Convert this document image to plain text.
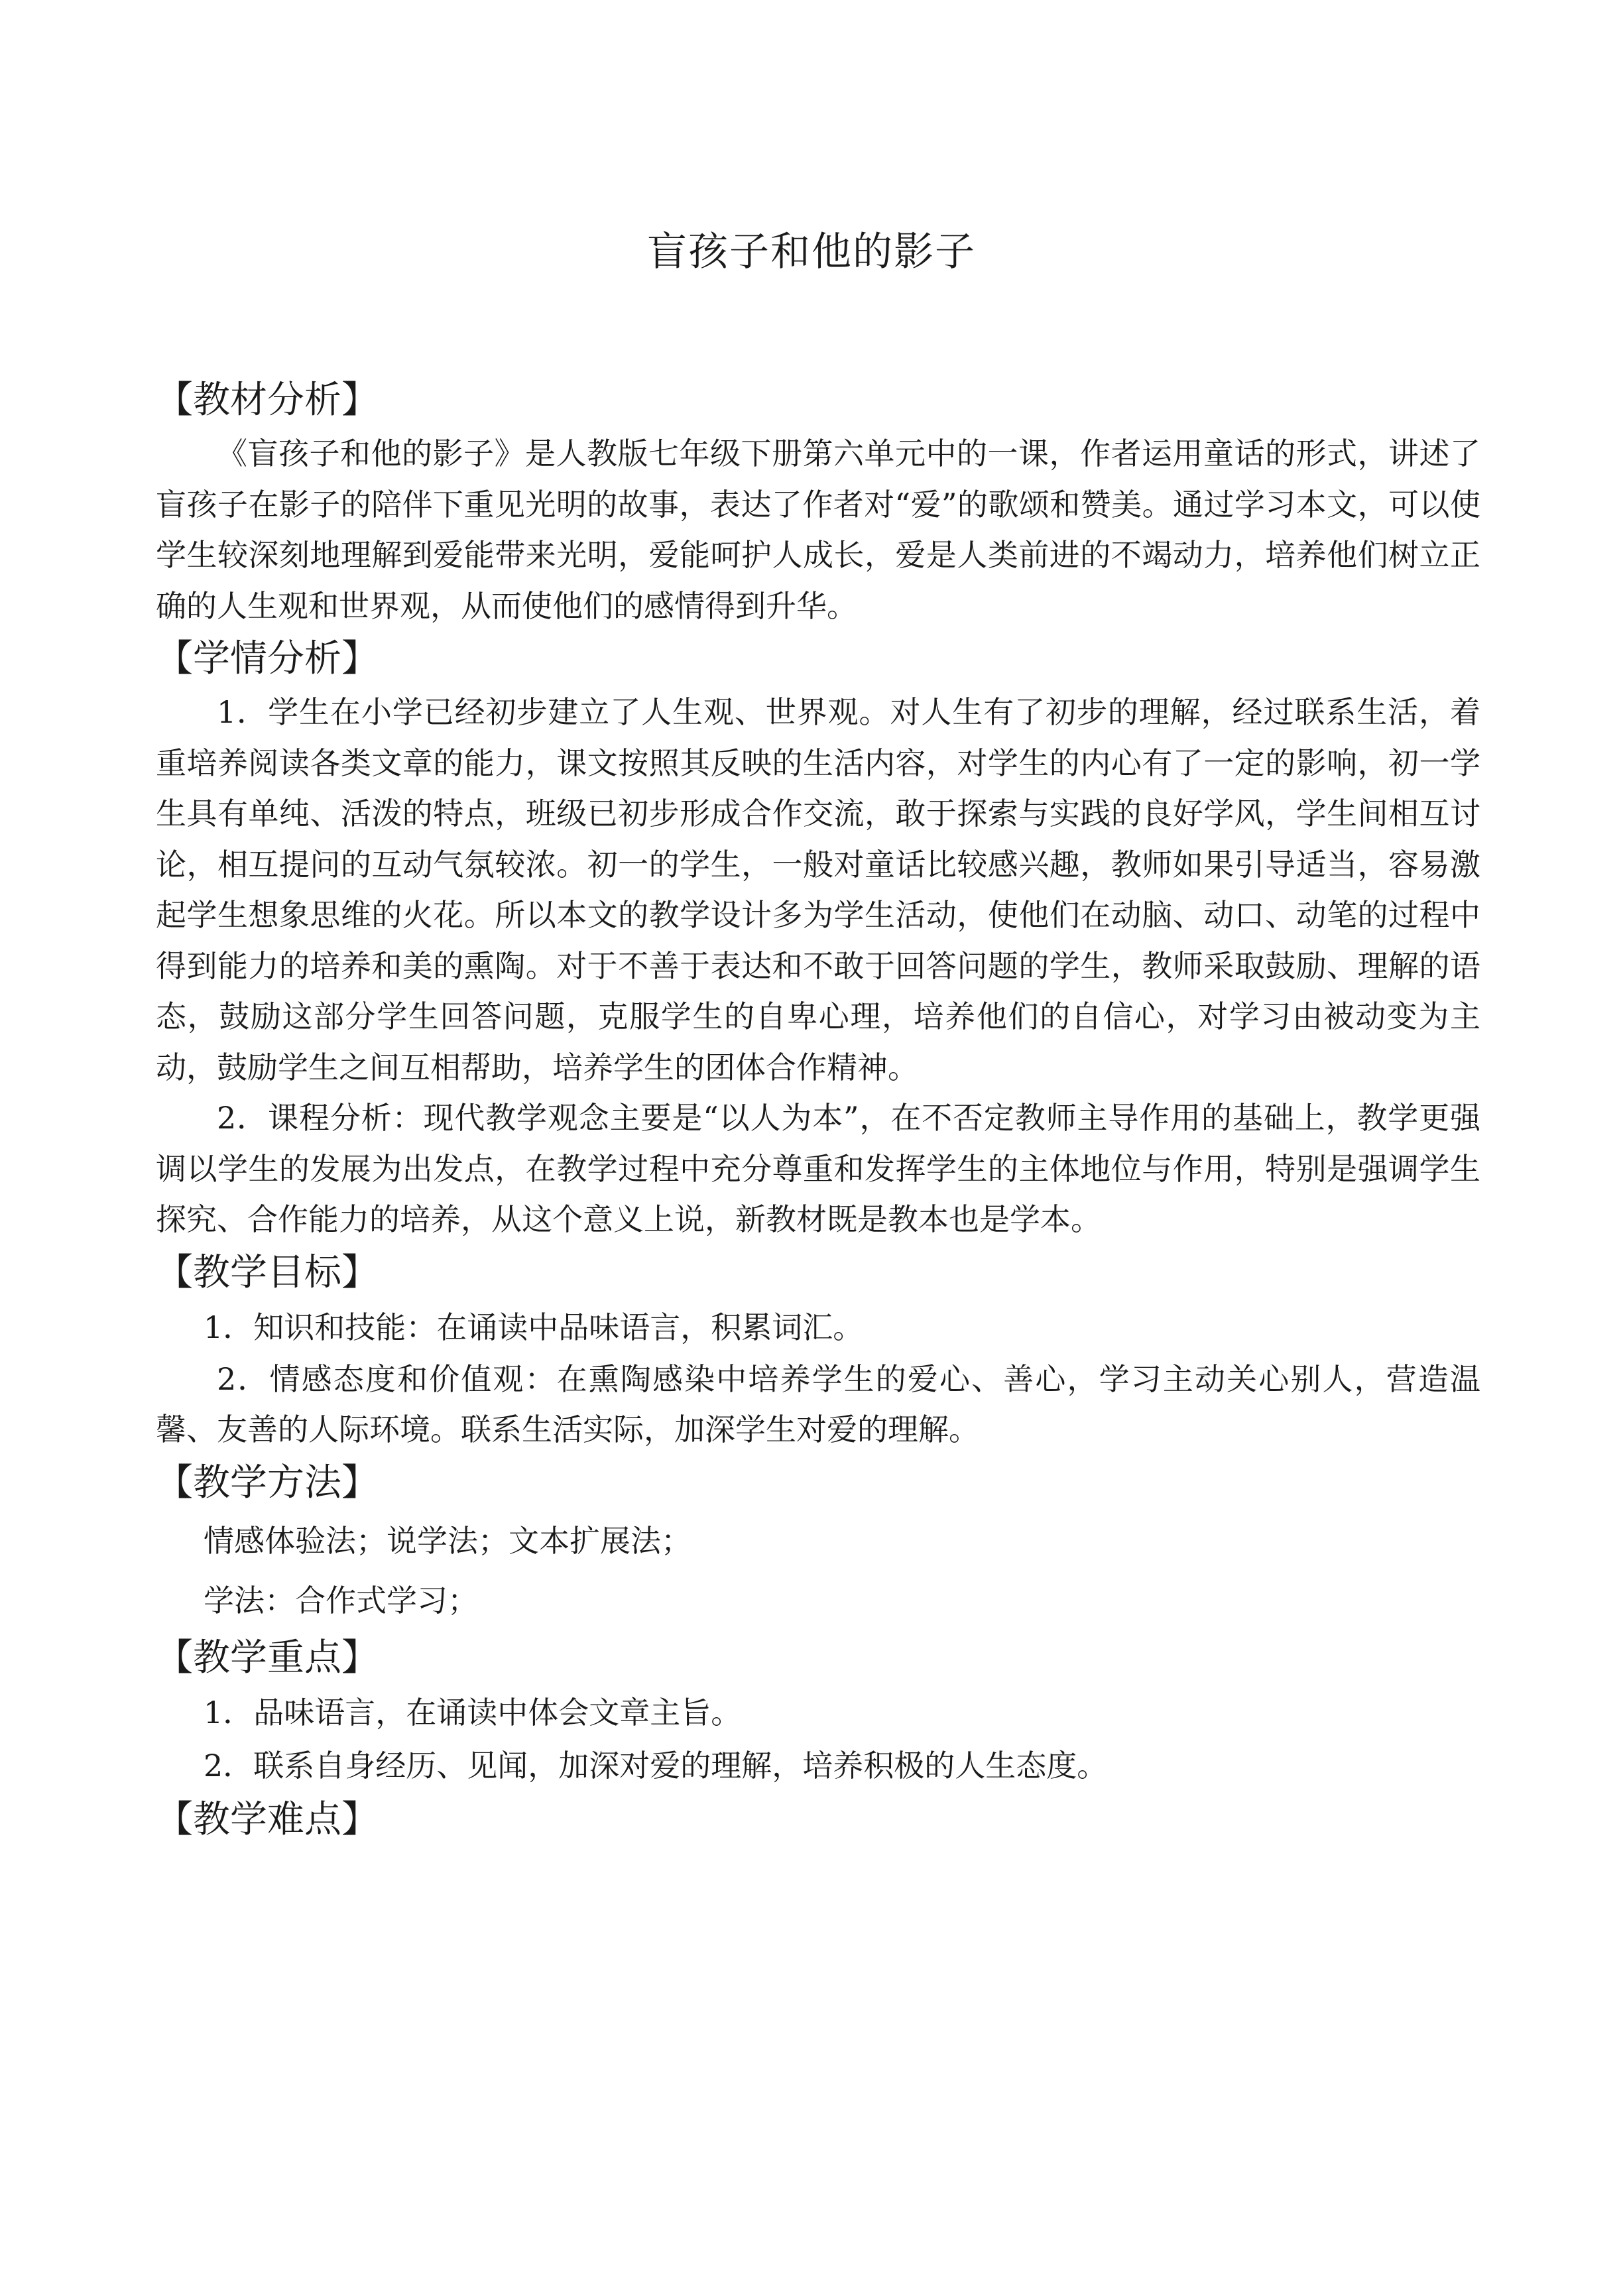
盲孩子和他的影子
【教材分析】

《盲孩子和他的影子》是人教版七年级下册第六单元中的一课，作者运用童话的形式，讲述了盲孩子在影子的陪伴下重见光明的故事，表达了作者对“爱”的歌颂和赞美。通过学习本文，可以使学生较深刻地理解到爱能带来光明，爱能呵护人成长，爱是人类前进的不竭动力，培养他们树立正确的人生观和世界观，从而使他们的感情得到升华。

【学情分析】

1．学生在小学已经初步建立了人生观、世界观。对人生有了初步的理解，经过联系生活，着重培养阅读各类文章的能力，课文按照其反映的生活内容，对学生的内心有了一定的影响，初一学生具有单纯、活泼的特点，班级已初步形成合作交流，敢于探索与实践的良好学风，学生间相互讨论，相互提问的互动气氛较浓。初一的学生，一般对童话比较感兴趣，教师如果引导适当，容易激起学生想象思维的火花。所以本文的教学设计多为学生活动，使他们在动脑、动口、动笔的过程中得到能力的培养和美的熏陶。对于不善于表达和不敢于回答问题的学生，教师采取鼓励、理解的语态，鼓励这部分学生回答问题，克服学生的自卑心理，培养他们的自信心，对学习由被动变为主动，鼓励学生之间互相帮助，培养学生的团体合作精神。

2．课程分析：现代教学观念主要是“以人为本”，在不否定教师主导作用的基础上，教学更强调以学生的发展为出发点，在教学过程中充分尊重和发挥学生的主体地位与作用，特别是强调学生探究、合作能力的培养，从这个意义上说，新教材既是教本也是学本。

【教学目标】

1．知识和技能：在诵读中品味语言，积累词汇。

2．情感态度和价值观：在熏陶感染中培养学生的爱心、善心，学习主动关心别人，营造温馨、友善的人际环境。联系生活实际，加深学生对爱的理解。

【教学方法】

情感体验法；说学法；文本扩展法；

学法：合作式学习；

【教学重点】

1．品味语言，在诵读中体会文章主旨。

2．联系自身经历、见闻，加深对爱的理解，培养积极的人生态度。

【教学难点】
